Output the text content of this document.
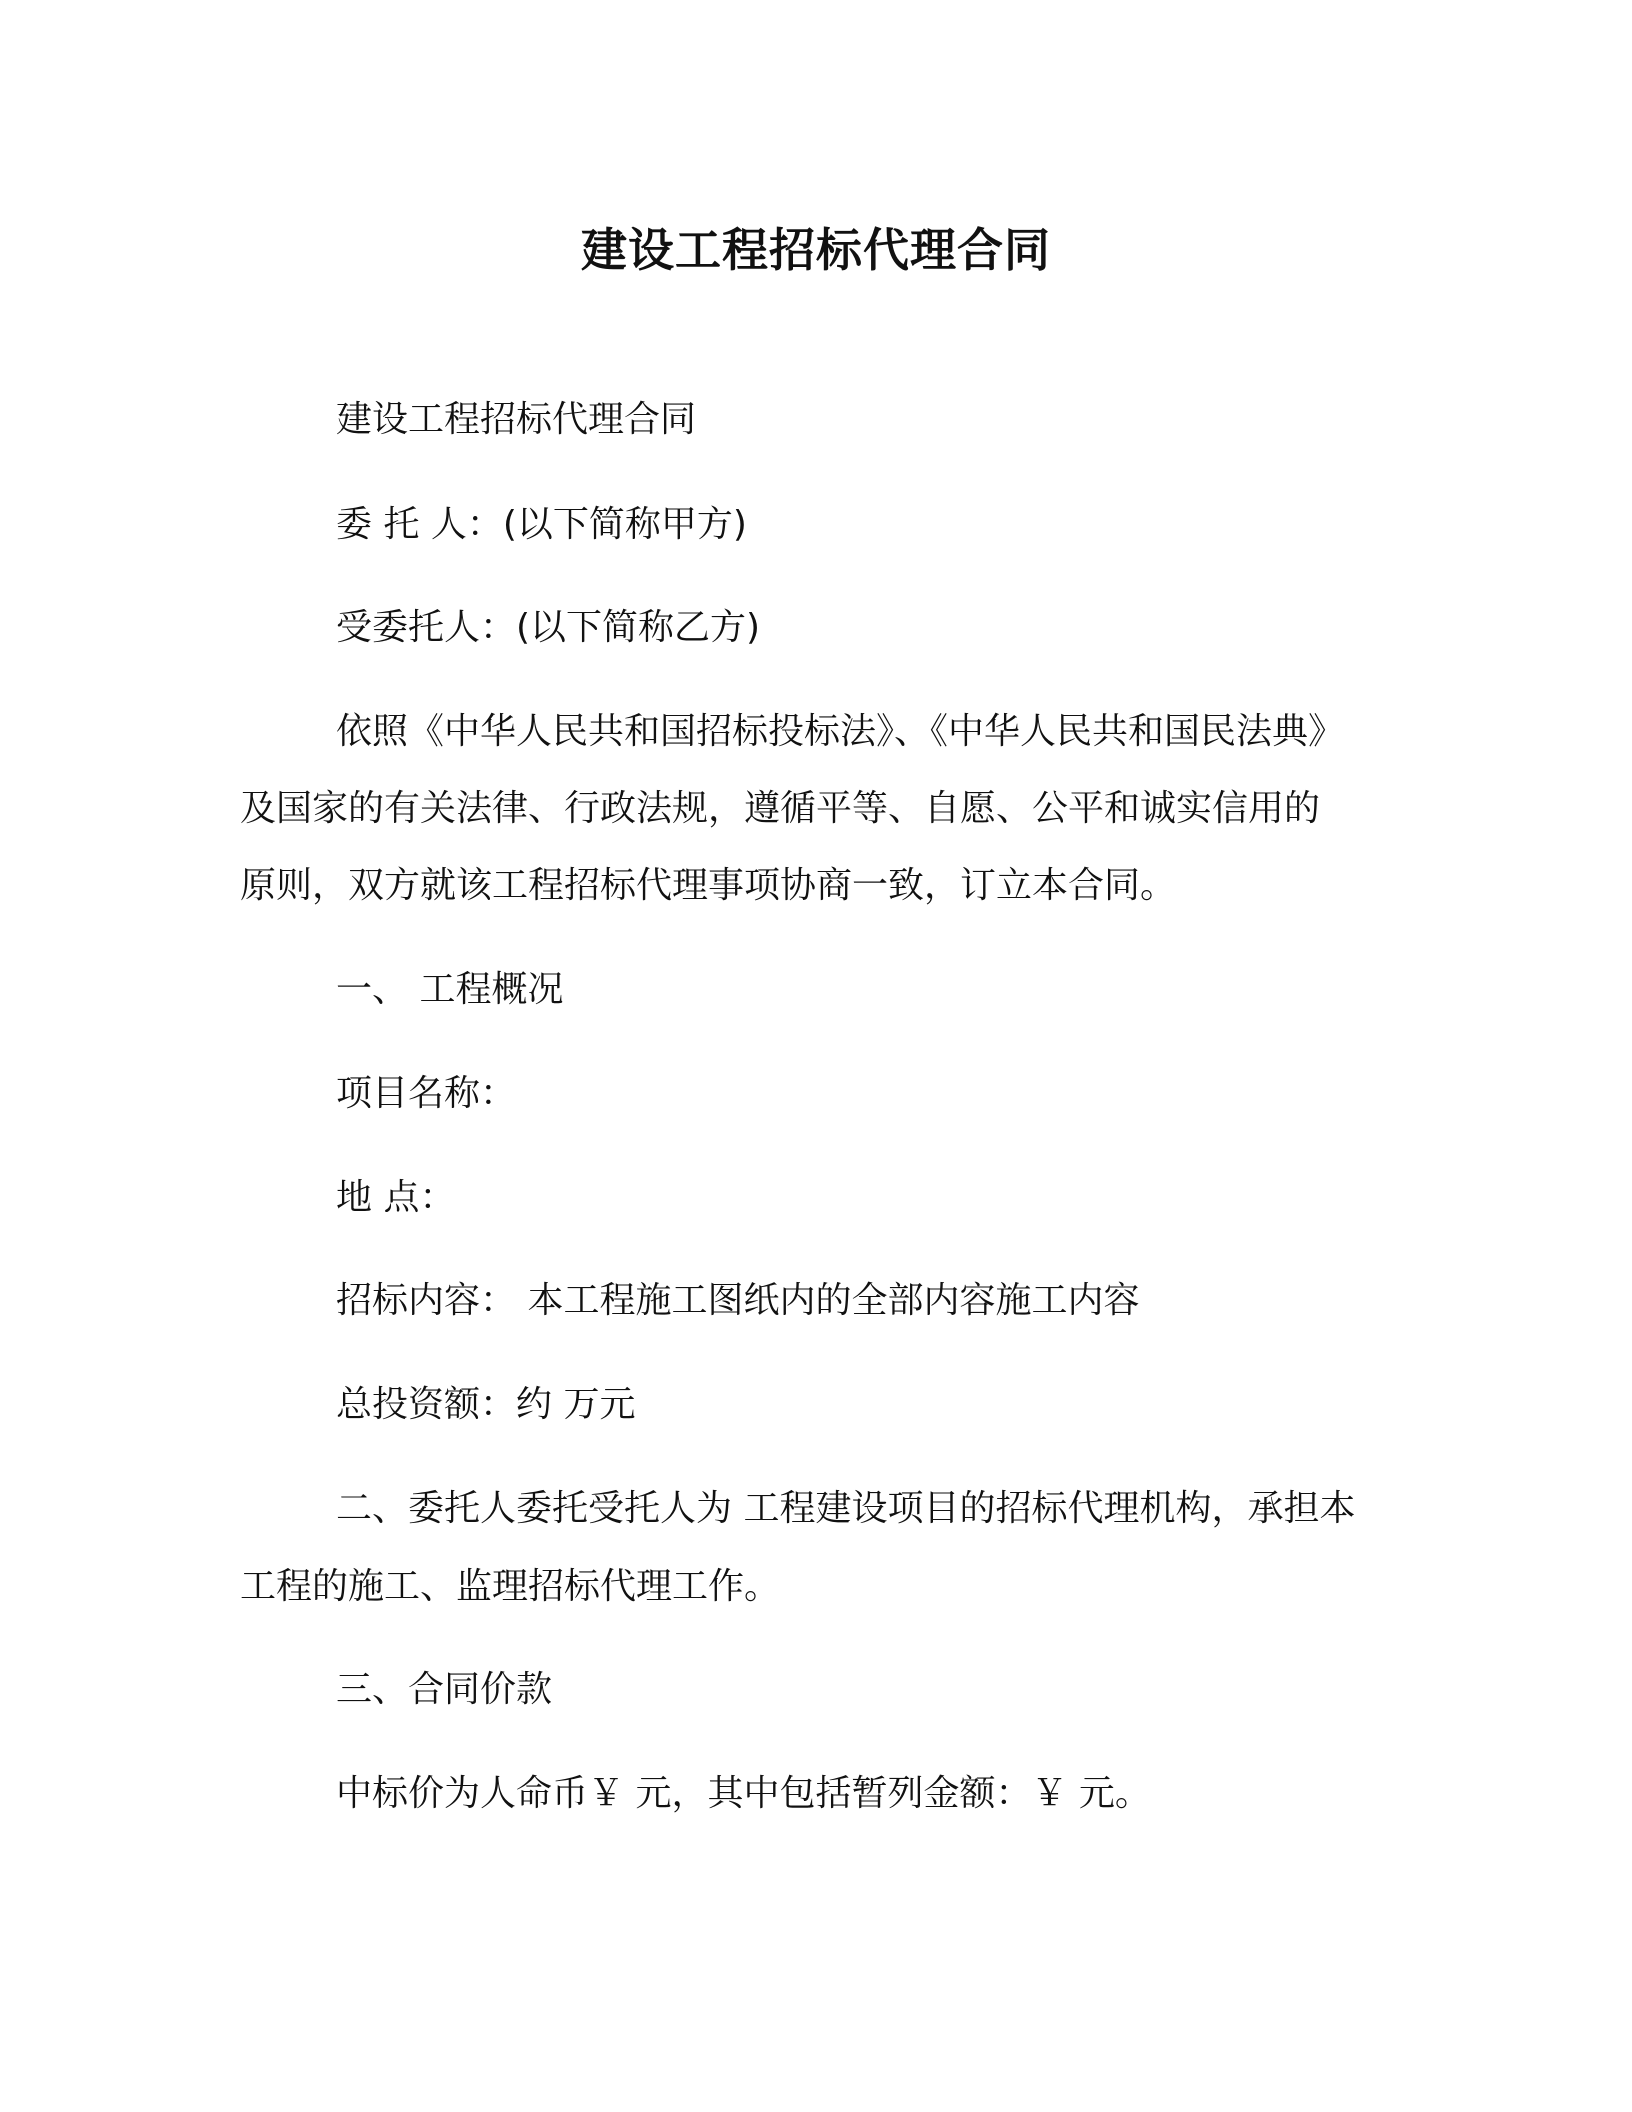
建设工程招标代理合同
建设工程招标代理合同
委 托 人：(以下简称甲方)
受委托人：(以下简称乙方)
依照《中华人民共和国招标投标法》、《中华人民共和国民法典》
及国家的有关法律、行政法规，遵循平等、自愿、公平和诚实信用的
原则，双方就该工程招标代理事项协商一致，订立本合同。
一、 工程概况
项目名称：
地 点：
招标内容： 本工程施工图纸内的全部内容施工内容
总投资额：约 万元
二、委托人委托受托人为 工程建设项目的招标代理机构，承担本
工程的施工、监理招标代理工作。
三、合同价款
中标价为人命币￥ 元，其中包括暂列金额：￥ 元。
